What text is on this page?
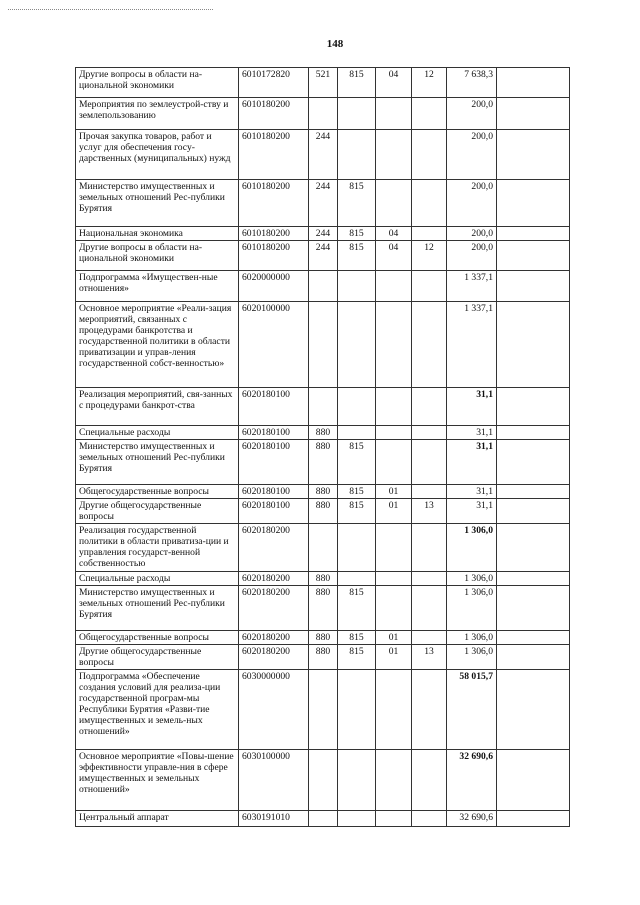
148
Другие вопросы в области на-циональной экономики	6010172820	521	815	04	12	7 638,3	
Мероприятия по землеустрой-ству и землепользованию	6010180200					200,0	
Прочая закупка товаров, работ и услуг для обеспечения госу-дарственных (муниципальных) нужд	6010180200	244				200,0	
Министерство имущественных и земельных отношений Рес-публики Бурятия	6010180200	244	815			200,0	
Национальная экономика	6010180200	244	815	04		200,0	
Другие вопросы в области на-циональной экономики	6010180200	244	815	04	12	200,0	
Подпрограмма «Имуществен-ные отношения»	6020000000					1 337,1	
Основное мероприятие «Реали-зация мероприятий, связанных с процедурами банкротства и государственной политики в области приватизации и управ-ления государственной собст-венностью»	6020100000					1 337,1	
Реализация мероприятий, свя-занных с процедурами банкрот-ства	6020180100					31,1	
Специальные расходы	6020180100	880				31,1	
Министерство имущественных и земельных отношений Рес-публики Бурятия	6020180100	880	815			31,1	
Общегосударственные вопросы	6020180100	880	815	01		31,1	
Другие общегосударственные вопросы	6020180100	880	815	01	13	31,1	
Реализация государственной политики в области приватиза-ции и управления государст-венной собственностью	6020180200					1 306,0	
Специальные расходы	6020180200	880				1 306,0	
Министерство имущественных и земельных отношений Рес-публики Бурятия	6020180200	880	815			1 306,0	
Общегосударственные вопросы	6020180200	880	815	01		1 306,0	
Другие общегосударственные вопросы	6020180200	880	815	01	13	1 306,0	
Подпрограмма «Обеспечение создания условий для реализа-ции государственной програм-мы Республики Бурятия «Разви-тие имущественных и земель-ных отношений»	6030000000					58 015,7	
Основное мероприятие «Повы-шение эффективности управле-ния в сфере имущественных и земельных отношений»	6030100000					32 690,6	
Центральный аппарат	6030191010					32 690,6	
